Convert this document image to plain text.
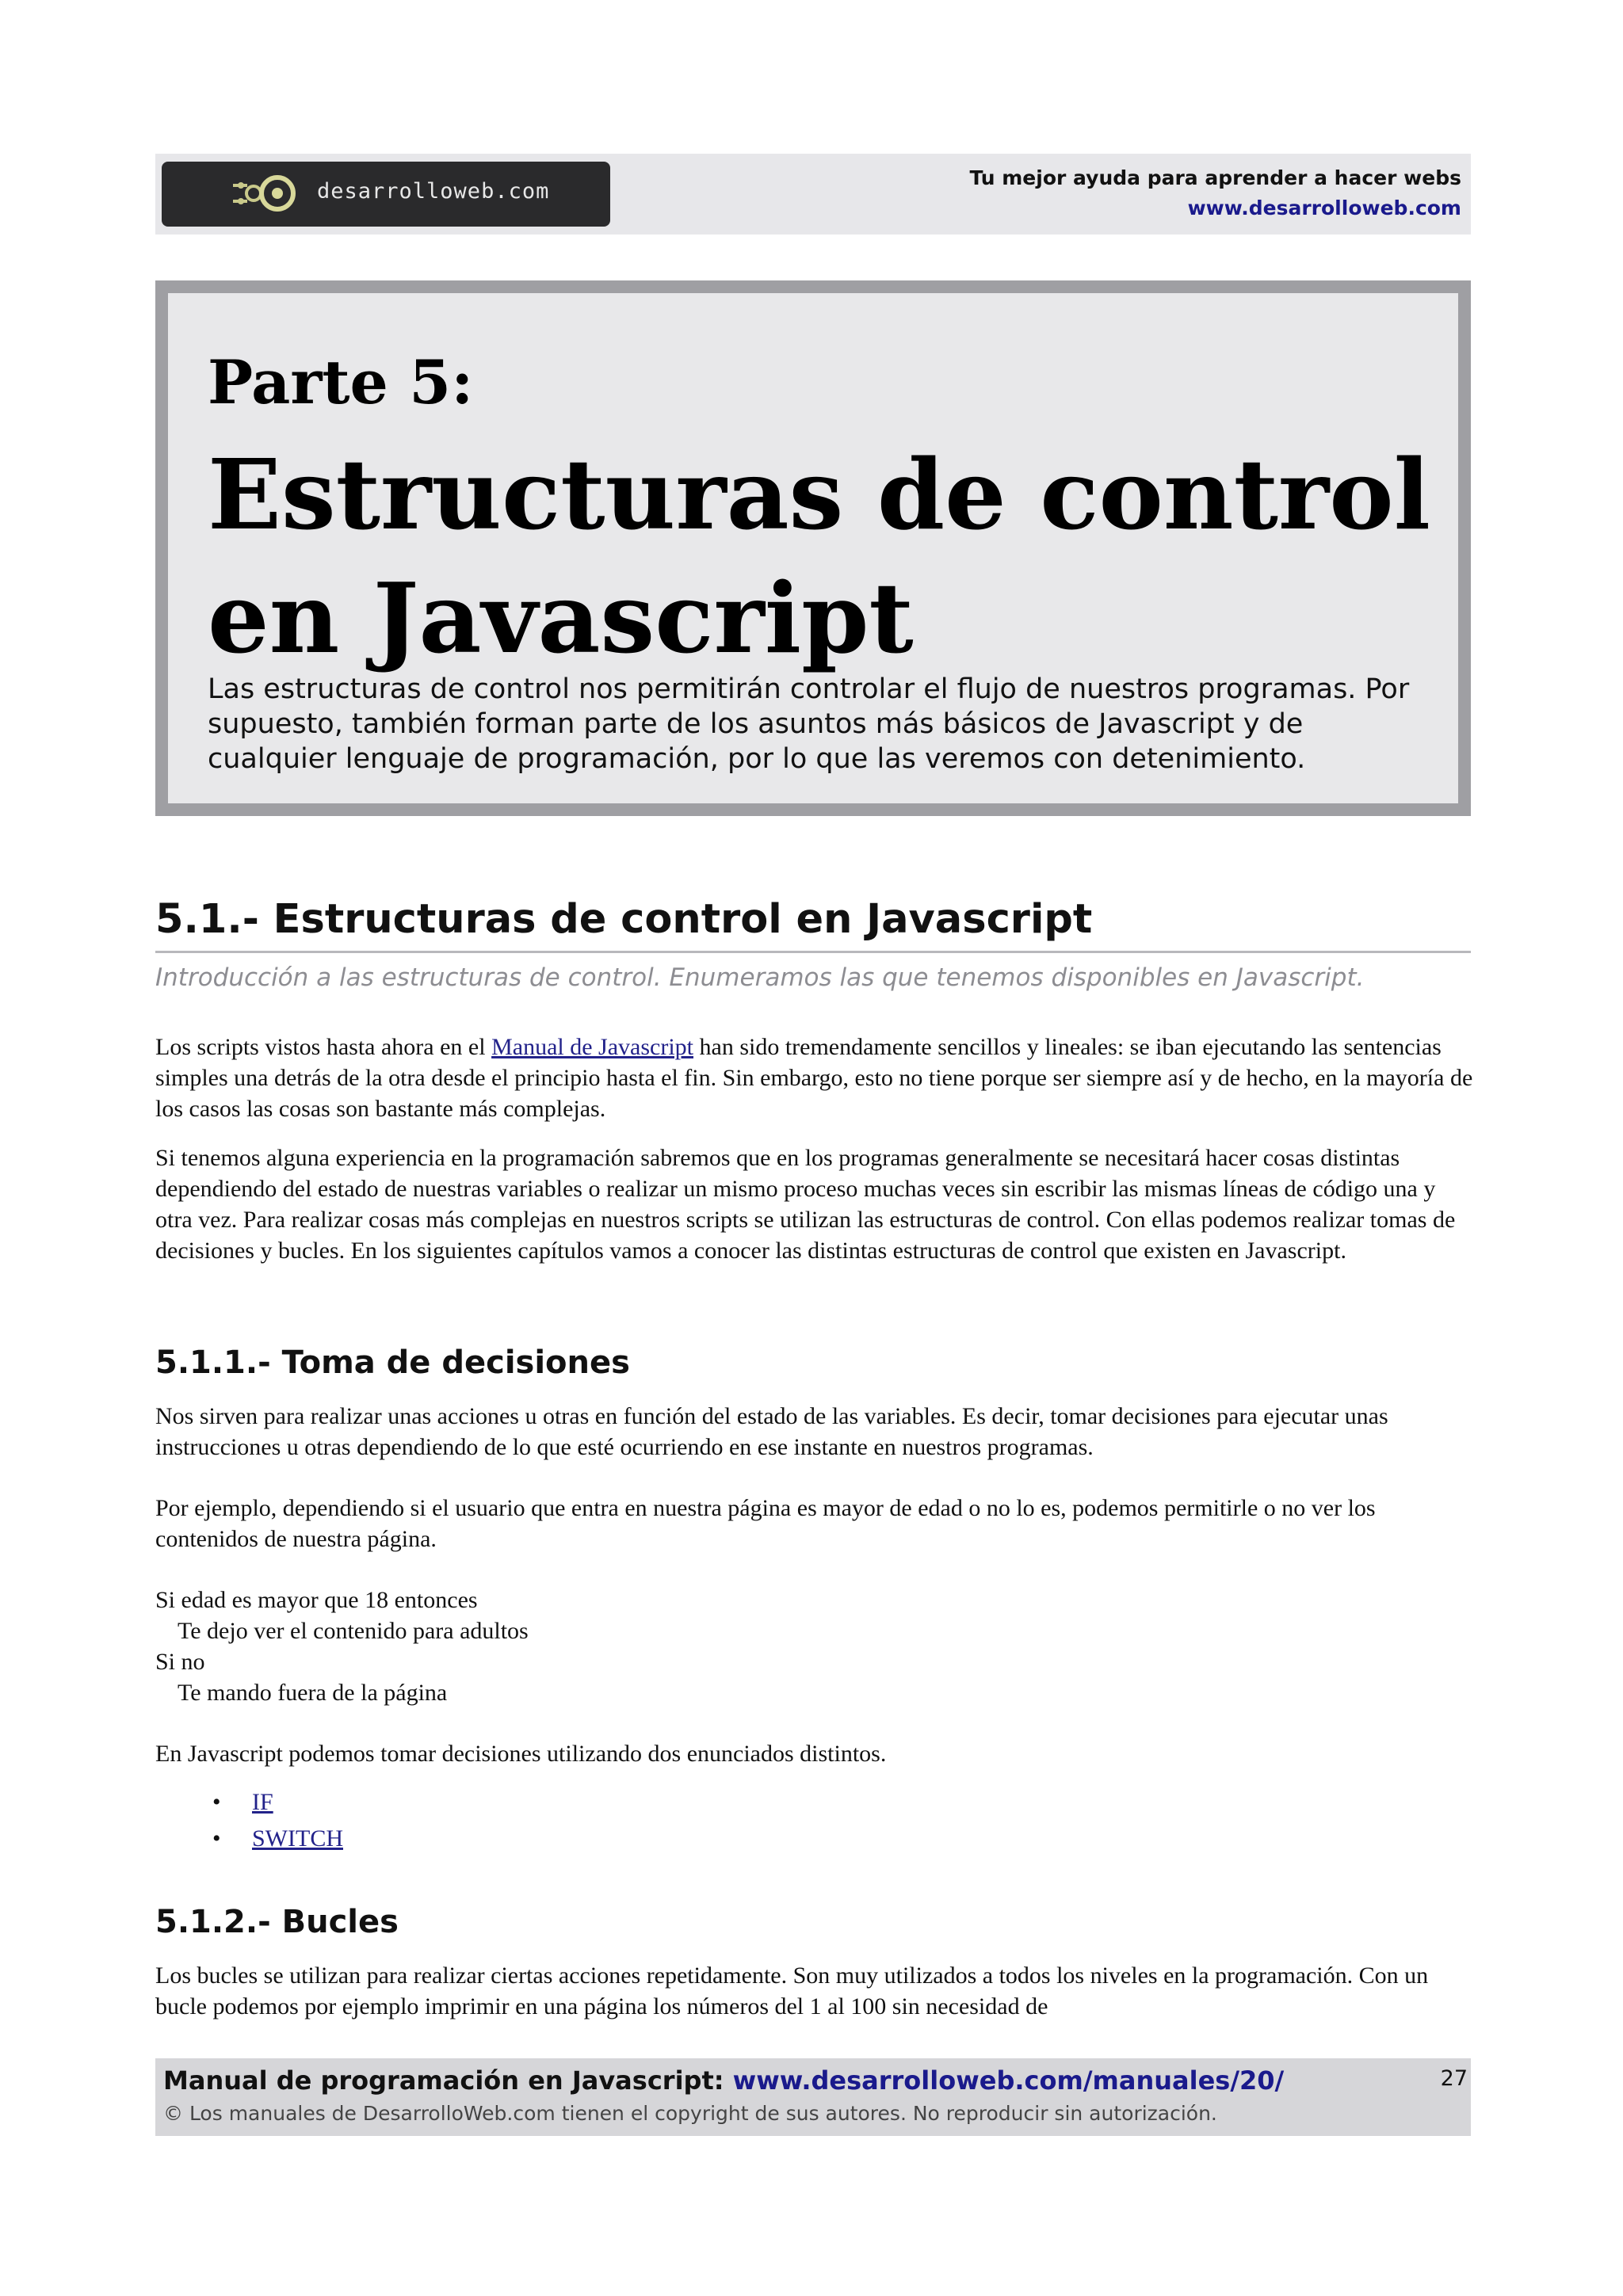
desarrolloweb.com
Tu mejor ayuda para aprender a hacer webs
www.desarrolloweb.com
Parte 5:
Estructuras de control en Javascript

Las estructuras de control nos permitirán controlar el flujo de nuestros programas. Por supuesto, también forman parte de los asuntos más básicos de Javascript y de cualquier lenguaje de programación, por lo que las veremos con detenimiento.

5.1.- Estructuras de control en Javascript

Introducción a las estructuras de control. Enumeramos las que tenemos disponibles en Javascript.

Los scripts vistos hasta ahora en el Manual de Javascript han sido tremendamente sencillos y lineales: se iban ejecutando las sentencias simples una detrás de la otra desde el principio hasta el fin. Sin embargo, esto no tiene porque ser siempre así y de hecho, en la mayoría de los casos las cosas son bastante más complejas.

Si tenemos alguna experiencia en la programación sabremos que en los programas generalmente se necesitará hacer cosas distintas dependiendo del estado de nuestras variables o realizar un mismo proceso muchas veces sin escribir las mismas líneas de código una y otra vez. Para realizar cosas más complejas en nuestros scripts se utilizan las estructuras de control. Con ellas podemos realizar tomas de decisiones y bucles. En los siguientes capítulos vamos a conocer las distintas estructuras de control que existen en Javascript.

5.1.1.- Toma de decisiones

Nos sirven para realizar unas acciones u otras en función del estado de las variables. Es decir, tomar decisiones para ejecutar unas instrucciones u otras dependiendo de lo que esté ocurriendo en ese instante en nuestros programas.

Por ejemplo, dependiendo si el usuario que entra en nuestra página es mayor de edad o no lo es, podemos permitirle o no ver los contenidos de nuestra página.

Si edad es mayor que 18 entonces
Te dejo ver el contenido para adultos
Si no
Te mando fuera de la página

En Javascript podemos tomar decisiones utilizando dos enunciados distintos.

• IF
• SWITCH
5.1.2.- Bucles

Los bucles se utilizan para realizar ciertas acciones repetidamente. Son muy utilizados a todos los niveles en la programación. Con un bucle podemos por ejemplo imprimir en una página los números del 1 al 100 sin necesidad de

Manual de programación en Javascript: www.desarrolloweb.com/manuales/20/

© Los manuales de DesarrolloWeb.com tienen el copyright de sus autores. No reproducir sin autorización.

27
